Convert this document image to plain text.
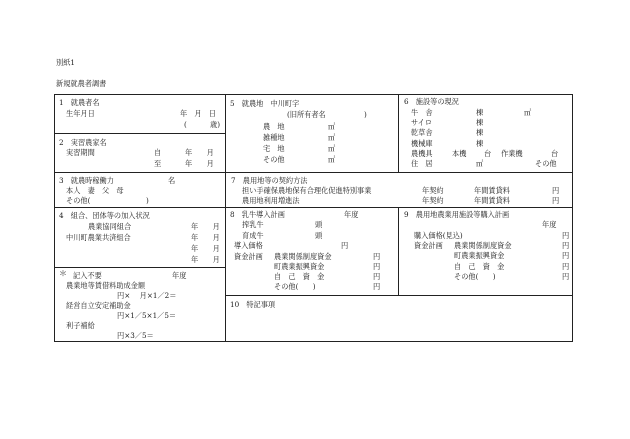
別紙1
新規就農者調書
1　就農者名
生年月日	年　月　日
(	歳)
2　実習農家名
実習期間	自	年　　月
至	年　　月
3　就農時稼働力	名
本人　妻　父　母
その他(	)
4　組合、団体等の加入状況
農業協同組合	年　　月
中川町農業共済組合	年　　月
年　　月
年　　月
＊ 記入不要	年度
農業地等賃借料助成金額
円×　 月×1／2＝
経営自立安定補助金
円×1／5×1／5＝
利子補給
円×3／5＝
5　就農地　中川町字
(旧所有者名	)
農　地	㎡
雑種地	㎡
宅　地	㎡
その他	㎡
6　施設等の現況
牛　舎	棟	㎡
サイロ	棟
乾草舎	棟
機械庫	棟
農機具	本機 台 作業機	台
住　居	㎡	その他
7　農用地等の契約方法
担い手確保農地保有合理化促進特別事業	年契約	年間賃貸料	円
農用地利用増進法	年契約	年間賃貸料	円
8　乳牛導入計画	年度
搾乳牛	頭
育成牛	頭
導入価格	円
資金計画 農業関係制度資金	円
町農業振興資金	円
自　己　資　金	円
その他(　　)	円
9　農用地農業用施設等購入計画
年度
購入価格(見込)	円
資金計画 農業関係制度資金	円
町農業振興資金	円
自　己　資　金	円
その他(　　)	円
10　特記事項
